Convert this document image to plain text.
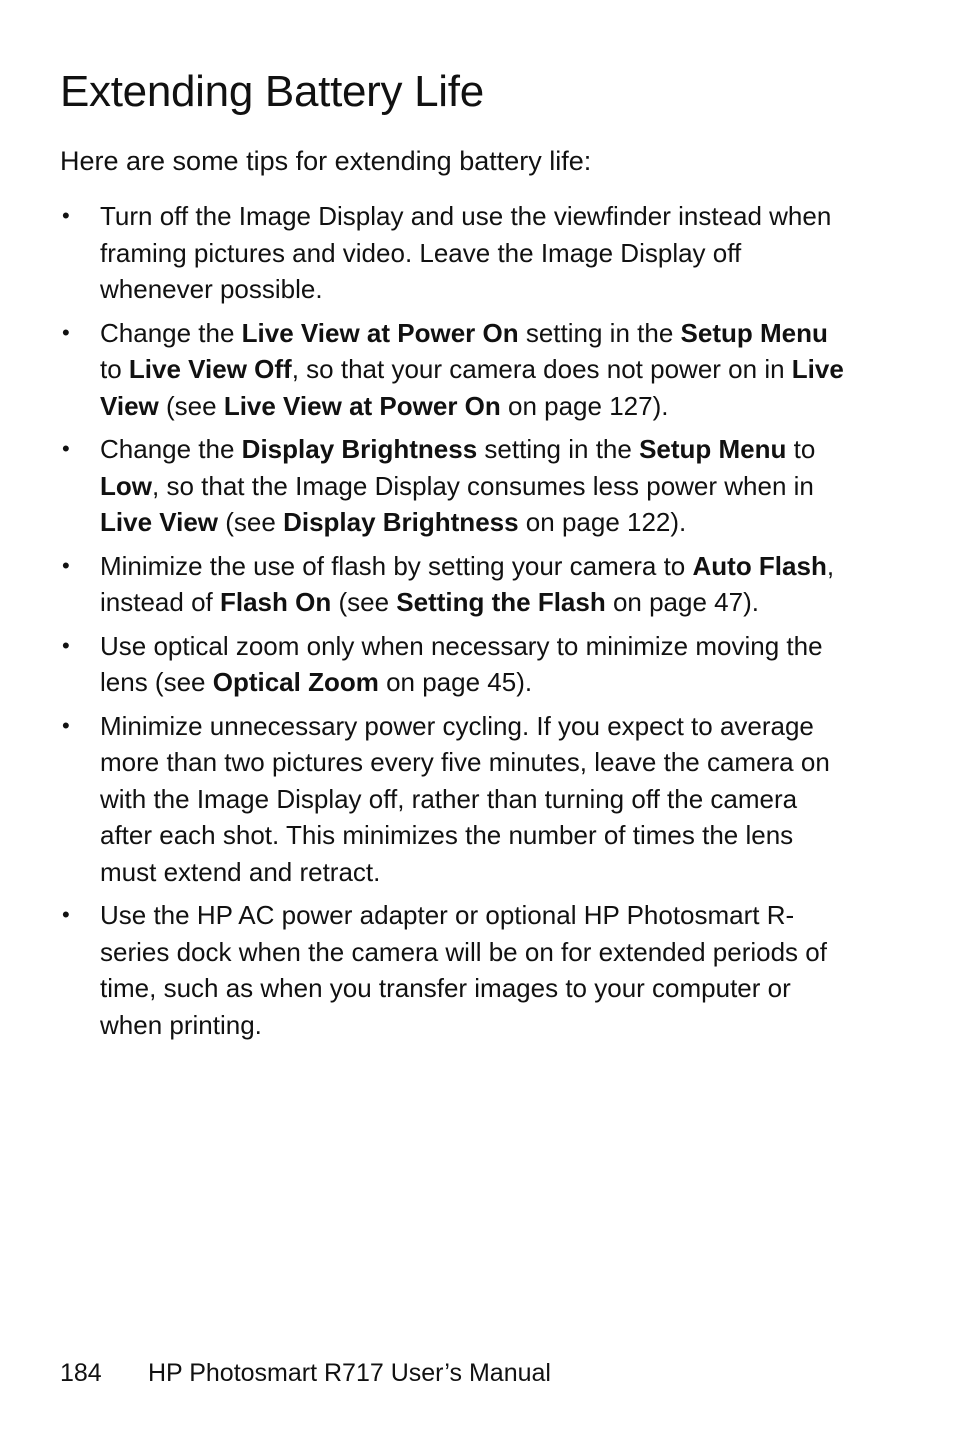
Extending Battery Life

Here are some tips for extending battery life:

• Turn off the Image Display and use the viewfinder instead when framing pictures and video. Leave the Image Display off whenever possible.
• Change the Live View at Power On setting in the Setup Menu to Live View Off, so that your camera does not power on in Live View (see Live View at Power On on page 127).
• Change the Display Brightness setting in the Setup Menu to Low, so that the Image Display consumes less power when in Live View (see Display Brightness on page 122).
• Minimize the use of flash by setting your camera to Auto Flash, instead of Flash On (see Setting the Flash on page 47).
• Use optical zoom only when necessary to minimize moving the lens (see Optical Zoom on page 45).
• Minimize unnecessary power cycling. If you expect to average more than two pictures every five minutes, leave the camera on with the Image Display off, rather than turning off the camera after each shot. This minimizes the number of times the lens must extend and retract.
• Use the HP AC power adapter or optional HP Photosmart R-series dock when the camera will be on for extended periods of time, such as when you transfer images to your computer or when printing.
184 HP Photosmart R717 User’s Manual
